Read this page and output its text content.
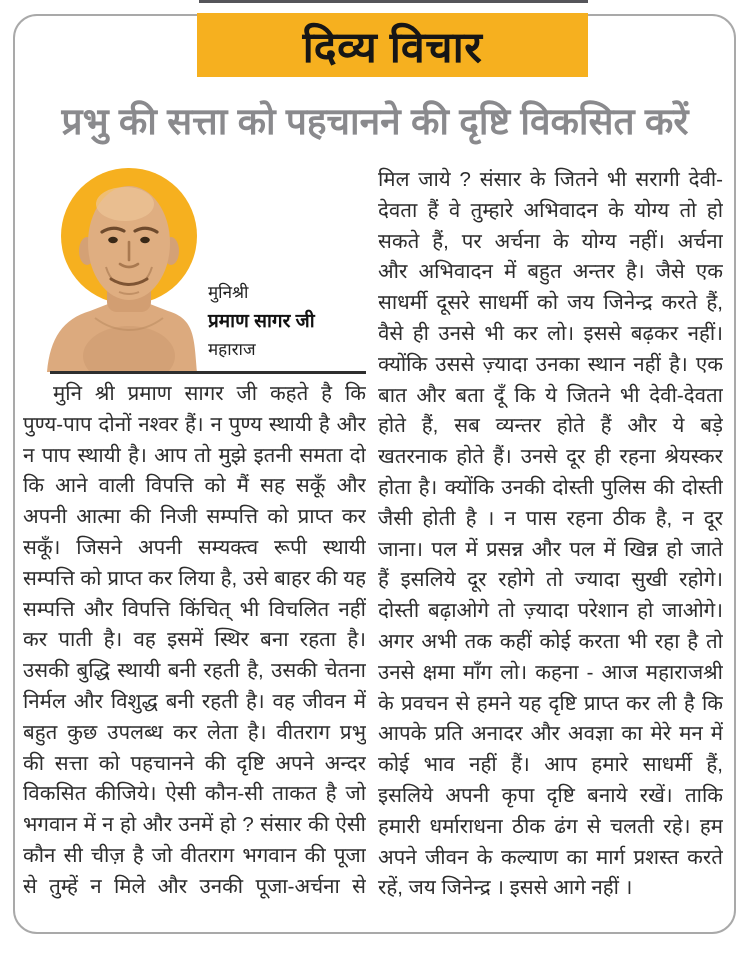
दिव्य विचार
प्रभु की सत्ता को पहचानने की दृष्टि विकसित करें
मुनिश्री
प्रमाण सागर जी
महाराज
मुनि श्री प्रमाण सागर जी कहते है कि
पुण्य-पाप दोनों नश्वर हैं। न पुण्य स्थायी है और
न पाप स्थायी है। आप तो मुझे इतनी समता दो
कि आने वाली विपत्ति को मैं सह सकूँ और
अपनी आत्मा की निजी सम्पत्ति को प्राप्त कर
सकूँ। जिसने अपनी सम्यक्त्व रूपी स्थायी
सम्पत्ति को प्राप्त कर लिया है, उसे बाहर की यह
सम्पत्ति और विपत्ति किंचित् भी विचलित नहीं
कर पाती है। वह इसमें स्थिर बना रहता है।
उसकी बुद्धि स्थायी बनी रहती है, उसकी चेतना
निर्मल और विशुद्ध बनी रहती है। वह जीवन में
बहुत कुछ उपलब्ध कर लेता है। वीतराग प्रभु
की सत्ता को पहचानने की दृष्टि अपने अन्दर
विकसित कीजिये। ऐसी कौन-सी ताकत है जो
भगवान में न हो और उनमें हो ? संसार की ऐसी
कौन सी चीज़ है जो वीतराग भगवान की पूजा
से तुम्हें न मिले और उनकी पूजा-अर्चना से
मिल जाये ? संसार के जितने भी सरागी देवी-
देवता हैं वे तुम्हारे अभिवादन के योग्य तो हो
सकते हैं, पर अर्चना के योग्य नहीं। अर्चना
और अभिवादन में बहुत अन्तर है। जैसे एक
साधर्मी दूसरे साधर्मी को जय जिनेन्द्र करते हैं,
वैसे ही उनसे भी कर लो। इससे बढ़कर नहीं।
क्योंकि उससे ज़्यादा उनका स्थान नहीं है। एक
बात और बता दूँ कि ये जितने भी देवी-देवता
होते हैं, सब व्यन्तर होते हैं और ये बड़े
खतरनाक होते हैं। उनसे दूर ही रहना श्रेयस्कर
होता है। क्योंकि उनकी दोस्ती पुलिस की दोस्ती
जैसी होती है । न पास रहना ठीक है, न दूर
जाना। पल में प्रसन्न और पल में खिन्न हो जाते
हैं इसलिये दूर रहोगे तो ज्यादा सुखी रहोगे।
दोस्ती बढ़ाओगे तो ज़्यादा परेशान हो जाओगे।
अगर अभी तक कहीं कोई करता भी रहा है तो
उनसे क्षमा माँग लो। कहना - आज महाराजश्री
के प्रवचन से हमने यह दृष्टि प्राप्त कर ली है कि
आपके प्रति अनादर और अवज्ञा का मेरे मन में
कोई भाव नहीं हैं। आप हमारे साधर्मी हैं,
इसलिये अपनी कृपा दृष्टि बनाये रखें। ताकि
हमारी धर्माराधना ठीक ढंग से चलती रहे। हम
अपने जीवन के कल्याण का मार्ग प्रशस्त करते
रहें, जय जिनेन्द्र । इससे आगे नहीं ।
